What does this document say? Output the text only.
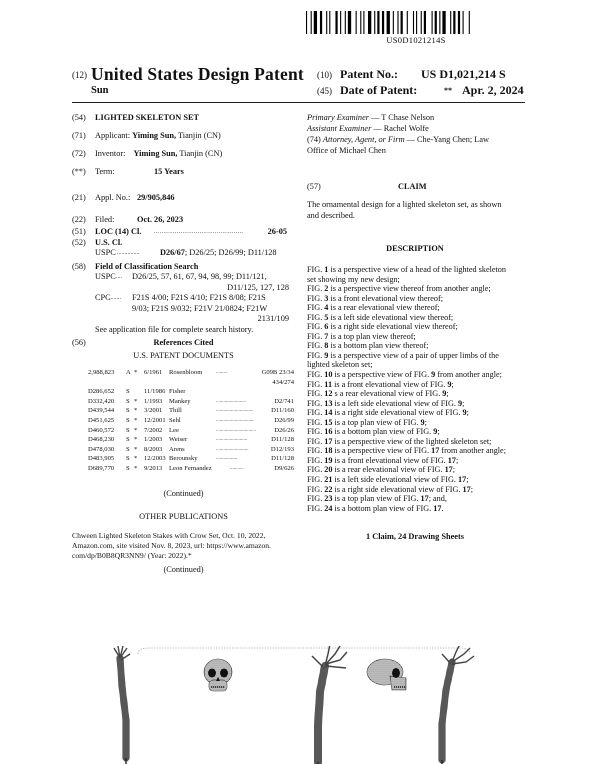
US0D1021214S
(12) United States Design Patent
Sun
(10) Patent No.: US D1,021,214 S
(45) Date of Patent:	** Apr. 2, 2024
(54)	LIGHTED SKELETON SET
(71)	Applicant: Yiming Sun, Tianjin (CN)
(72)	Inventor: Yiming Sun, Tianjin (CN)
(**)	Term:	15 Years
(21)	Appl. No.: 29/905,846
(22)	Filed:	Oct. 26, 2023
(51)	LOC (14) Cl. ...............................................	26-05
(52)	U.S. Cl.
USPC ............... D26/67; D26/25; D26/99; D11/128
(58)	Field of Classification Search
USPC .... D26/25, 57, 61, 67, 94, 98, 99; D11/121,
D11/125, 127, 128
CPC
........ F21S 4/00; F21S 4/10; F21S 8/08; F21S
9/03; F21S 9/032; F21V 21/0824; F21W
2131/109
See application file for complete search history.
(56)	References Cited
U.S. PATENT DOCUMENTS
2,988,823 A * 6/1961 Rosenbloom	.........	G09B 23/34
434/274
D286,652 S 11/1986 Fisher
D332,420 S * 1/1993 Mankey	........................	D2/741
D439,544 S * 3/2001 Thill	..............................	D11/160
D451,625 S * 12/2001 Sehl	..............................	D26/99
D460,572 S * 7/2002 Lee	................................	D26/26
D468,230 S * 1/2003 Weiser	.........................	D11/128
D478,030 S * 8/2003 Arens	..........................	D12/193
D483,905 S * 12/2003 Berounsky	.................	D11/128
D689,770 S * 9/2013 Leon Fernandez	...........	D9/626
(Continued)
OTHER PUBLICATIONS
Chween Lighted Skeleton Stakes with Crow Set, Oct. 10, 2022,
Amazon.com, site visited Nov. 8, 2023, url: https://www.amazon.
com/dp/B0B8QR3NN9/ (Year: 2022).*
(Continued)
Primary Examiner — T Chase Nelson
Assistant Examiner — Rachel Wolfe
(74) Attorney, Agent, or Firm — Che-Yang Chen; Law
Office of Michael Chen
(57)	CLAIM
The ornamental design for a lighted skeleton set, as shown
and described.
DESCRIPTION
FIG. 1 is a perspective view of a head of the lighted skeleton
set showing my new design;
FIG. 2 is a perspective view thereof from another angle;
FIG. 3 is a front elevational view thereof;
FIG. 4 is a rear elevational view thereof;
FIG. 5 is a left side elevational view thereof;
FIG. 6 is a right side elevational view thereof;
FIG. 7 is a top plan view thereof;
FIG. 8 is a bottom plan view thereof;
FIG. 9 is a perspective view of a pair of upper limbs of the
lighted skeleton set;
FIG. 10 is a perspective view of FIG. 9 from another angle;
FIG. 11 is a front elevational view of FIG. 9;
FIG. 12 s a rear elevational view of FIG. 9;
FIG. 13 is a left side elevational view of FIG. 9;
FIG. 14 is a right side elevational view of FIG. 9;
FIG. 15 is a top plan view of FIG. 9;
FIG. 16 is a bottom plan view of FIG. 9;
FIG. 17 is a perspective view of the lighted skeleton set;
FIG. 18 is a perspective view of FIG. 17 from another angle;
FIG. 19 is a front elevational view of FIG. 17;
FIG. 20 is a rear elevational view of FIG. 17;
FIG. 21 is a left side elevational view of FIG. 17;
FIG. 22 is a right side elevational view of FIG. 17;
FIG. 23 is a top plan view of FIG. 17; and,
FIG. 24 is a bottom plan view of FIG. 17.
1 Claim, 24 Drawing Sheets
